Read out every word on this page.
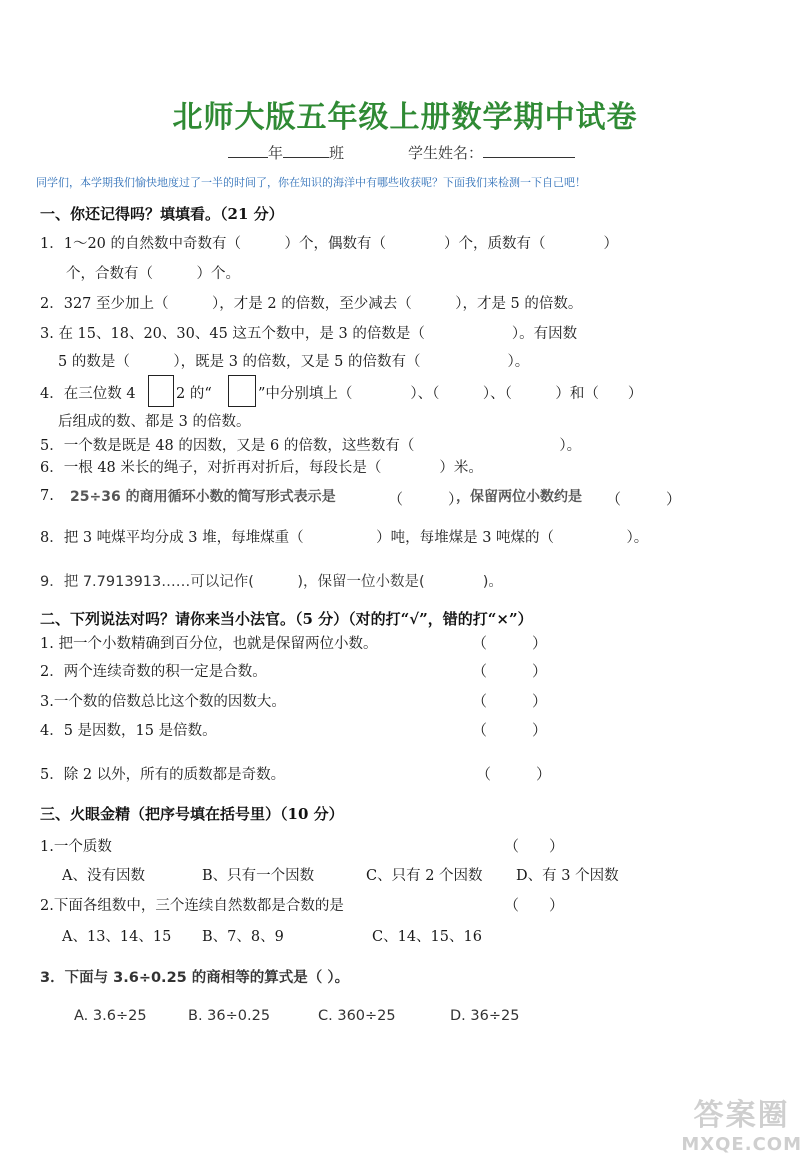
北师大版五年级上册数学期中试卷
年	班	学生姓名：
同学们，本学期我们愉快地度过了一半的时间了，你在知识的海洋中有哪些收获呢？下面我们来检测一下自己吧！
一、你还记得吗？填填看。（21 分）
1．1～20 的自然数中奇数有（　　　）个，偶数有（　　　　）个，质数有（　　　　）
个，合数有（　　　）个。
2．327 至少加上（　　　），才是 2 的倍数，至少减去（　　　），才是 5 的倍数。
3. 在 15、18、20、30、45 这五个数中，是 3 的倍数是（　　　　　　）。有因数
5 的数是（　　　），既是 3 的倍数，又是 5 的倍数有（　　　　　　）。
4．在三位数 4	2 的“	”中分别填上（　　　　）、（　　　）、（　　　）和（　　）
后组成的数、都是 3 的倍数。
5．一个数是既是 48 的因数，又是 6 的倍数，这些数有（　　　　　　　　　　）。
6．一根 48 米长的绳子，对折再对折后，每段长是（　　　　）米。
7. 25÷36 的商用循环小数的简写形式表示是	（　　　）
，保留两位小数约是 （　　　）
8．把 3 吨煤平均分成 3 堆，每堆煤重（　　　　　）吨，每堆煤是 3 吨煤的（　　　　　）。
9．把 7.7913913……可以记作(　　　)，保留一位小数是(　　　　)。
二、下列说法对吗？请你来当小法官。（5 分）（对的打“√”，错的打“×”）
1. 把一个小数精确到百分位，也就是保留两位小数。	（　　　）
2．两个连续奇数的积一定是合数。	（　　　）
3.一个数的倍数总比这个数的因数大。	（　　　）
4．5 是因数，15 是倍数。	（　　　）
5．除 2 以外，所有的质数都是奇数。	（　　　）
三、火眼金精（把序号填在括号里）（10 分）
1.一个质数	（　　）
A、没有因数	B、只有一个因数	C、只有 2 个因数 D、有 3 个因数
2.下面各组数中，三个连续自然数都是合数的是	（　　）
A、13、14、15 B、7、8、9	C、14、15、16
3．下面与 3.6÷0.25 的商相等的算式是（ ）。
A. 3.6÷25	B. 36÷0.25	C. 360÷25	D. 36÷25
答案圈
MXQE.COM
